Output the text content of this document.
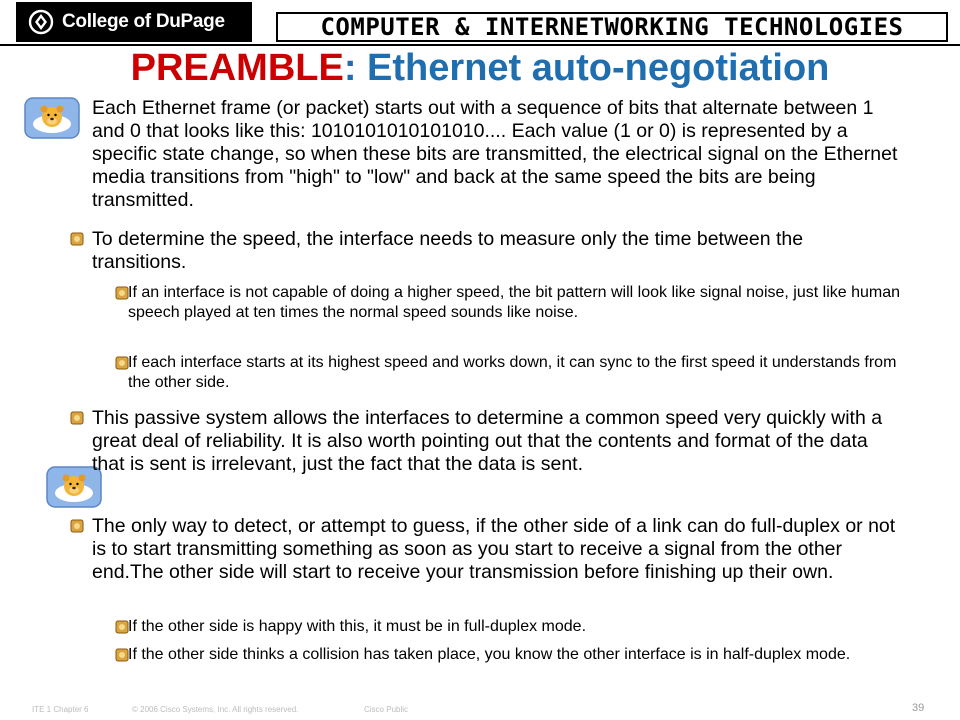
College of DuPage	COMPUTER & INTERNETWORKING TECHNOLOGIES
PREAMBLE: Ethernet auto-negotiation
Each Ethernet frame (or packet) starts out with a sequence of bits that alternate between 1 and 0 that looks like this: 1010101010101010.... Each value (1 or 0) is represented by a specific state change, so when these bits are transmitted, the electrical signal on the Ethernet media transitions from "high" to "low" and back at the same speed the bits are being transmitted.
To determine the speed, the interface needs to measure only the time between the transitions.
If an interface is not capable of doing a higher speed, the bit pattern will look like signal noise, just like human speech played at ten times the normal speed sounds like noise.
If each interface starts at its highest speed and works down, it can sync to the first speed it understands from the other side.
This passive system allows the interfaces to determine a common speed very quickly with a great deal of reliability. It is also worth pointing out that the contents and format of the data that is sent is irrelevant, just the fact that the data is sent.
The only way to detect, or attempt to guess, if the other side of a link can do full-duplex or not is to start transmitting something as soon as you start to receive a signal from the other end.The other side will start to receive your transmission before finishing up their own.
If the other side is happy with this, it must be in full-duplex mode.
If the other side thinks a collision has taken place, you know the other interface is in half-duplex mode.
ITE 1 Chapter 6	© 2006 Cisco Systems, Inc. All rights reserved.	Cisco Public	39
